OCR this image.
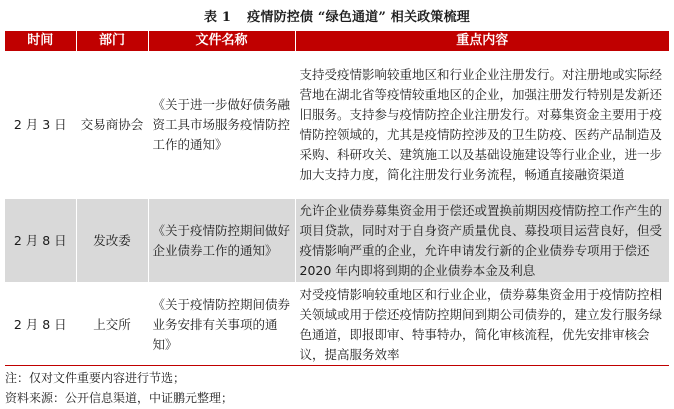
表 1 疫情防控债 “绿色通道” 相关政策梳理
时间	部门	文件名称	重点内容
2 月 3 日	交易商协会	《关于进一步做好债务融资工具市场服务疫情防控工作的通知》	支持受疫情影响较重地区和行业企业注册发行。对注册地或实际经营地在湖北省等疫情较重地区的企业，加强注册发行特别是发新还旧服务。支持参与疫情防控企业注册发行。对募集资金主要用于疫情防控领域的，尤其是疫情防控涉及的卫生防疫、医药产品制造及采购、科研攻关、建筑施工以及基础设施建设等行业企业，进一步加大支持力度，简化注册发行业务流程，畅通直接融资渠道
2 月 8 日	发改委	《关于疫情防控期间做好企业债券工作的通知》	允许企业债券募集资金用于偿还或置换前期因疫情防控工作产生的项目贷款，同时对于自身资产质量优良、募投项目运营良好，但受疫情影响严重的企业，允许申请发行新的企业债券专项用于偿还 2020 年内即将到期的企业债券本金及利息
2 月 8 日	上交所	《关于疫情防控期间债券业务安排有关事项的通知》	对受疫情影响较重地区和行业企业，债券募集资金用于疫情防控相关领域或用于偿还疫情防控期间到期公司债券的，建立发行服务绿色通道，即报即审、特事特办，简化审核流程，优先安排审核会议，提高服务效率
注：仅对文件重要内容进行节选；
资料来源：公开信息渠道，中证鹏元整理；
